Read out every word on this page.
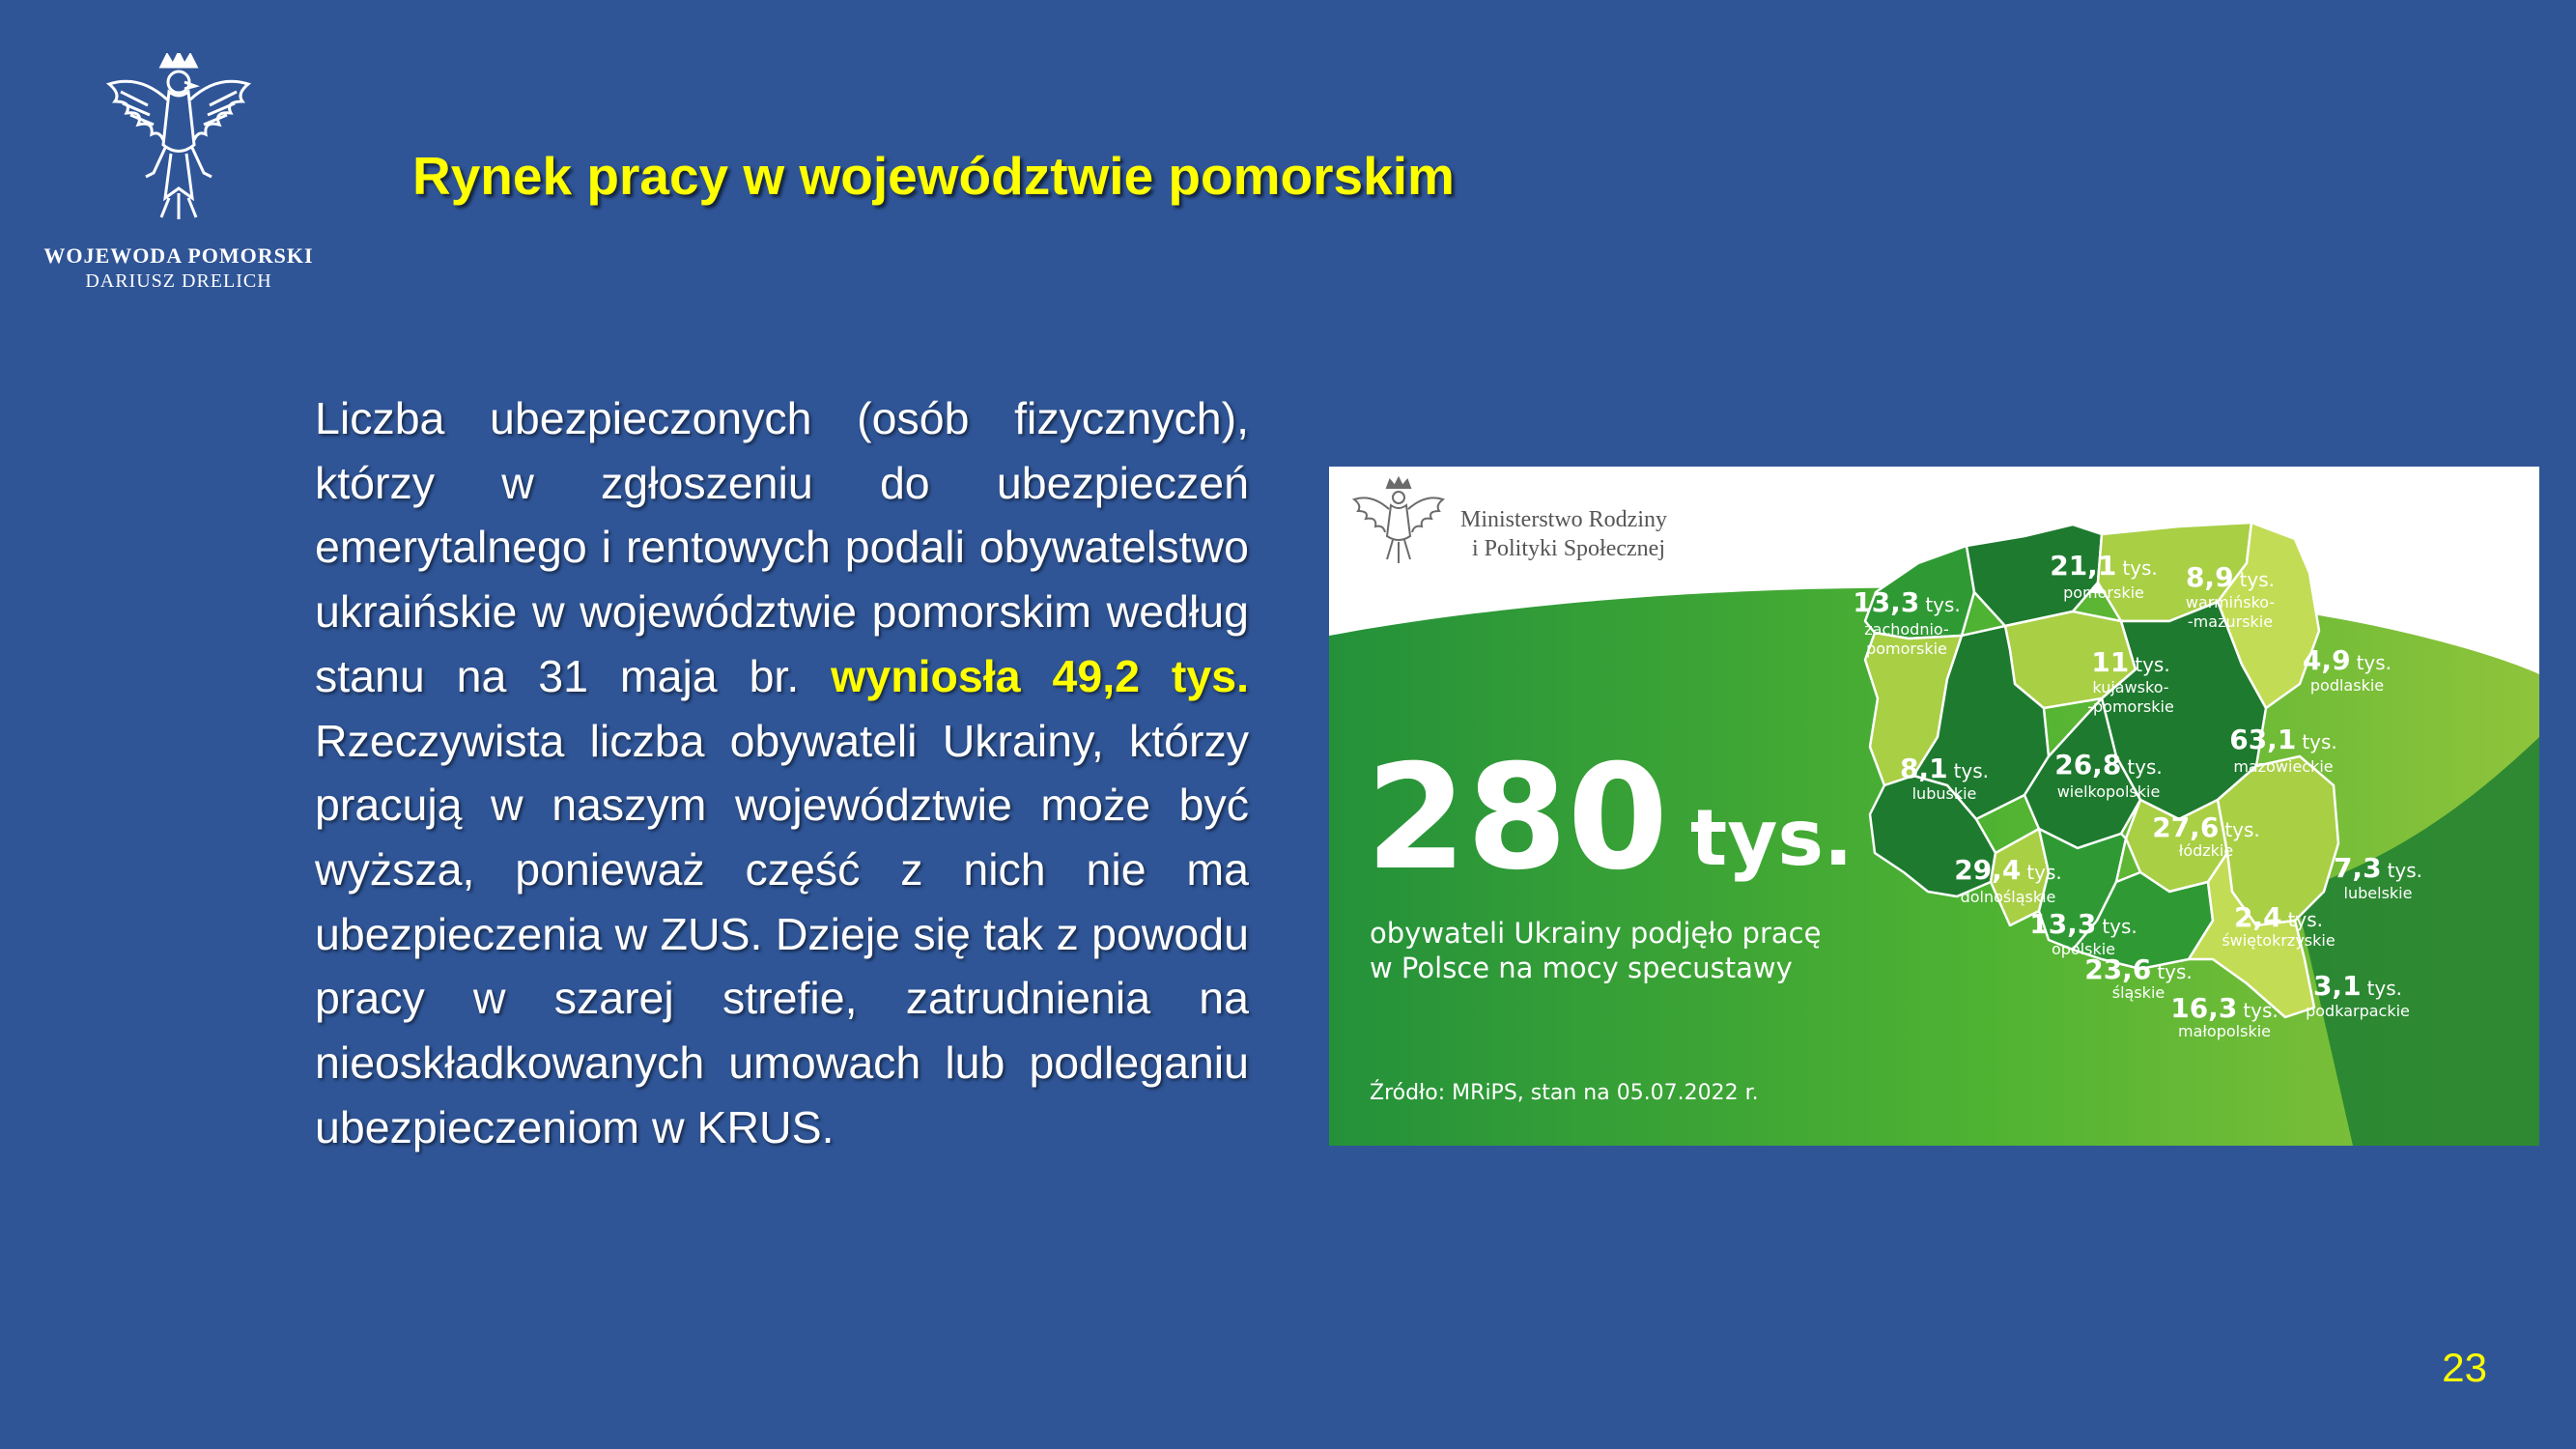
WOJEWODA POMORSKI
DARIUSZ DRELICH
Rynek pracy w województwie pomorskim

Liczba ubezpieczonych (osób fizycznych), którzy w zgłoszeniu do ubezpieczeń emerytalnego i rentowych podali obywatelstwo ukraińskie w województwie pomorskim według stanu na 31 maja br. wyniosła 49,2 tys. Rzeczywista liczba obywateli Ukrainy, którzy pracują w naszym województwie może być wyższa, ponieważ część z nich nie ma ubezpieczenia w ZUS. Dzieje się tak z powodu pracy w szarej strefie, zatrudnienia na nieoskładkowanych umowach lub podleganiu ubezpieczeniom w KRUS.

Ministerstwo Rodziny
i Polityki Społecznej
280 tys.
obywateli Ukrainy podjęło pracę
w Polsce na mocy specustawy
Źródło: MRiPS, stan na 05.07.2022 r.
13,3 tys. zachodnio-pomorskie
21,1 tys. pomorskie	8,9 tys. warmińsko--mazurskie
4,9 tys. podlaskie
11 tys. kujawsko--pomorskie
8,1 tys. lubuskie
26,8 tys. wielkopolskie
63,1 tys. mazowieckie
27,6 tys. łódzkie
29,4 tys. dolnośląskie
7,3 tys. lubelskie
13,3 tys. opolskie
2,4 tys. świętokrzyskie
23,6 tys. śląskie 16,3 tys. małopolskie
3,1 tys. podkarpackie
23
